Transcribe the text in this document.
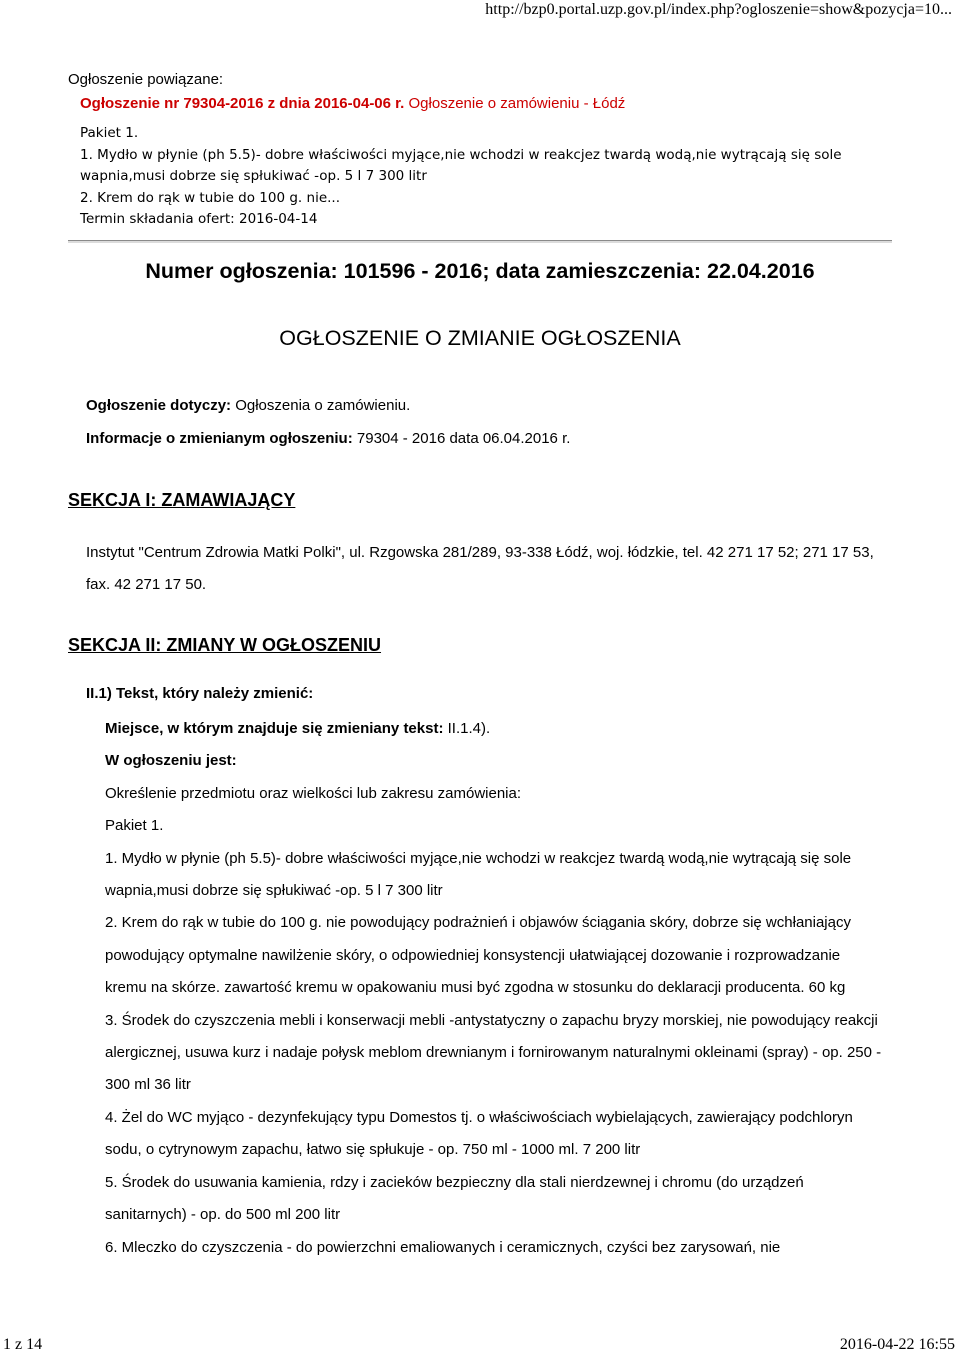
http://bzp0.portal.uzp.gov.pl/index.php?ogloszenie=show&pozycja=10...
Ogłoszenie powiązane:
Ogłoszenie nr 79304-2016 z dnia 2016-04-06 r. Ogłoszenie o zamówieniu - Łódź
Pakiet 1.
1. Mydło w płynie (ph 5.5)- dobre właściwości myjące,nie wchodzi w reakcjez twardą wodą,nie wytrącają się sole
wapnia,musi dobrze się spłukiwać -op. 5 l 7 300 litr
2. Krem do rąk w tubie do 100 g. nie...
Termin składania ofert: 2016-04-14
Numer ogłoszenia: 101596 - 2016; data zamieszczenia: 22.04.2016
OGŁOSZENIE O ZMIANIE OGŁOSZENIA
Ogłoszenie dotyczy: Ogłoszenia o zamówieniu.
Informacje o zmienianym ogłoszeniu: 79304 - 2016 data 06.04.2016 r.
SEKCJA I: ZAMAWIAJĄCY
Instytut "Centrum Zdrowia Matki Polki", ul. Rzgowska 281/289, 93-338 Łódź, woj. łódzkie, tel. 42 271 17 52; 271 17 53, fax. 42 271 17 50.
SEKCJA II: ZMIANY W OGŁOSZENIU
II.1) Tekst, który należy zmienić:

Miejsce, w którym znajduje się zmieniany tekst: II.1.4).

W ogłoszeniu jest:

Określenie przedmiotu oraz wielkości lub zakresu zamówienia:

Pakiet 1.

1. Mydło w płynie (ph 5.5)- dobre właściwości myjące,nie wchodzi w reakcjez twardą wodą,nie wytrącają się sole wapnia,musi dobrze się spłukiwać -op. 5 l 7 300 litr

2. Krem do rąk w tubie do 100 g. nie powodujący podrażnień i objawów ściągania skóry, dobrze się wchłaniający powodujący optymalne nawilżenie skóry, o odpowiedniej konsystencji ułatwiającej dozowanie i rozprowadzanie kremu na skórze. zawartość kremu w opakowaniu musi być zgodna w stosunku do deklaracji producenta. 60 kg

3. Środek do czyszczenia mebli i konserwacji mebli -antystatyczny o zapachu bryzy morskiej, nie powodujący reakcji alergicznej, usuwa kurz i nadaje połysk meblom drewnianym i fornirowanym naturalnymi okleinami (spray) - op. 250 - 300 ml 36 litr

4. Żel do WC myjąco - dezynfekujący typu Domestos tj. o właściwościach wybielających, zawierający podchloryn sodu, o cytrynowym zapachu, łatwo się spłukuje - op. 750 ml - 1000 ml. 7 200 litr

5. Środek do usuwania kamienia, rdzy i zacieków bezpieczny dla stali nierdzewnej i chromu (do urządzeń sanitarnych) - op. do 500 ml 200 litr

6. Mleczko do czyszczenia - do powierzchni emaliowanych i ceramicznych, czyści bez zarysowań, nie

1 z 14	2016-04-22 16:55
